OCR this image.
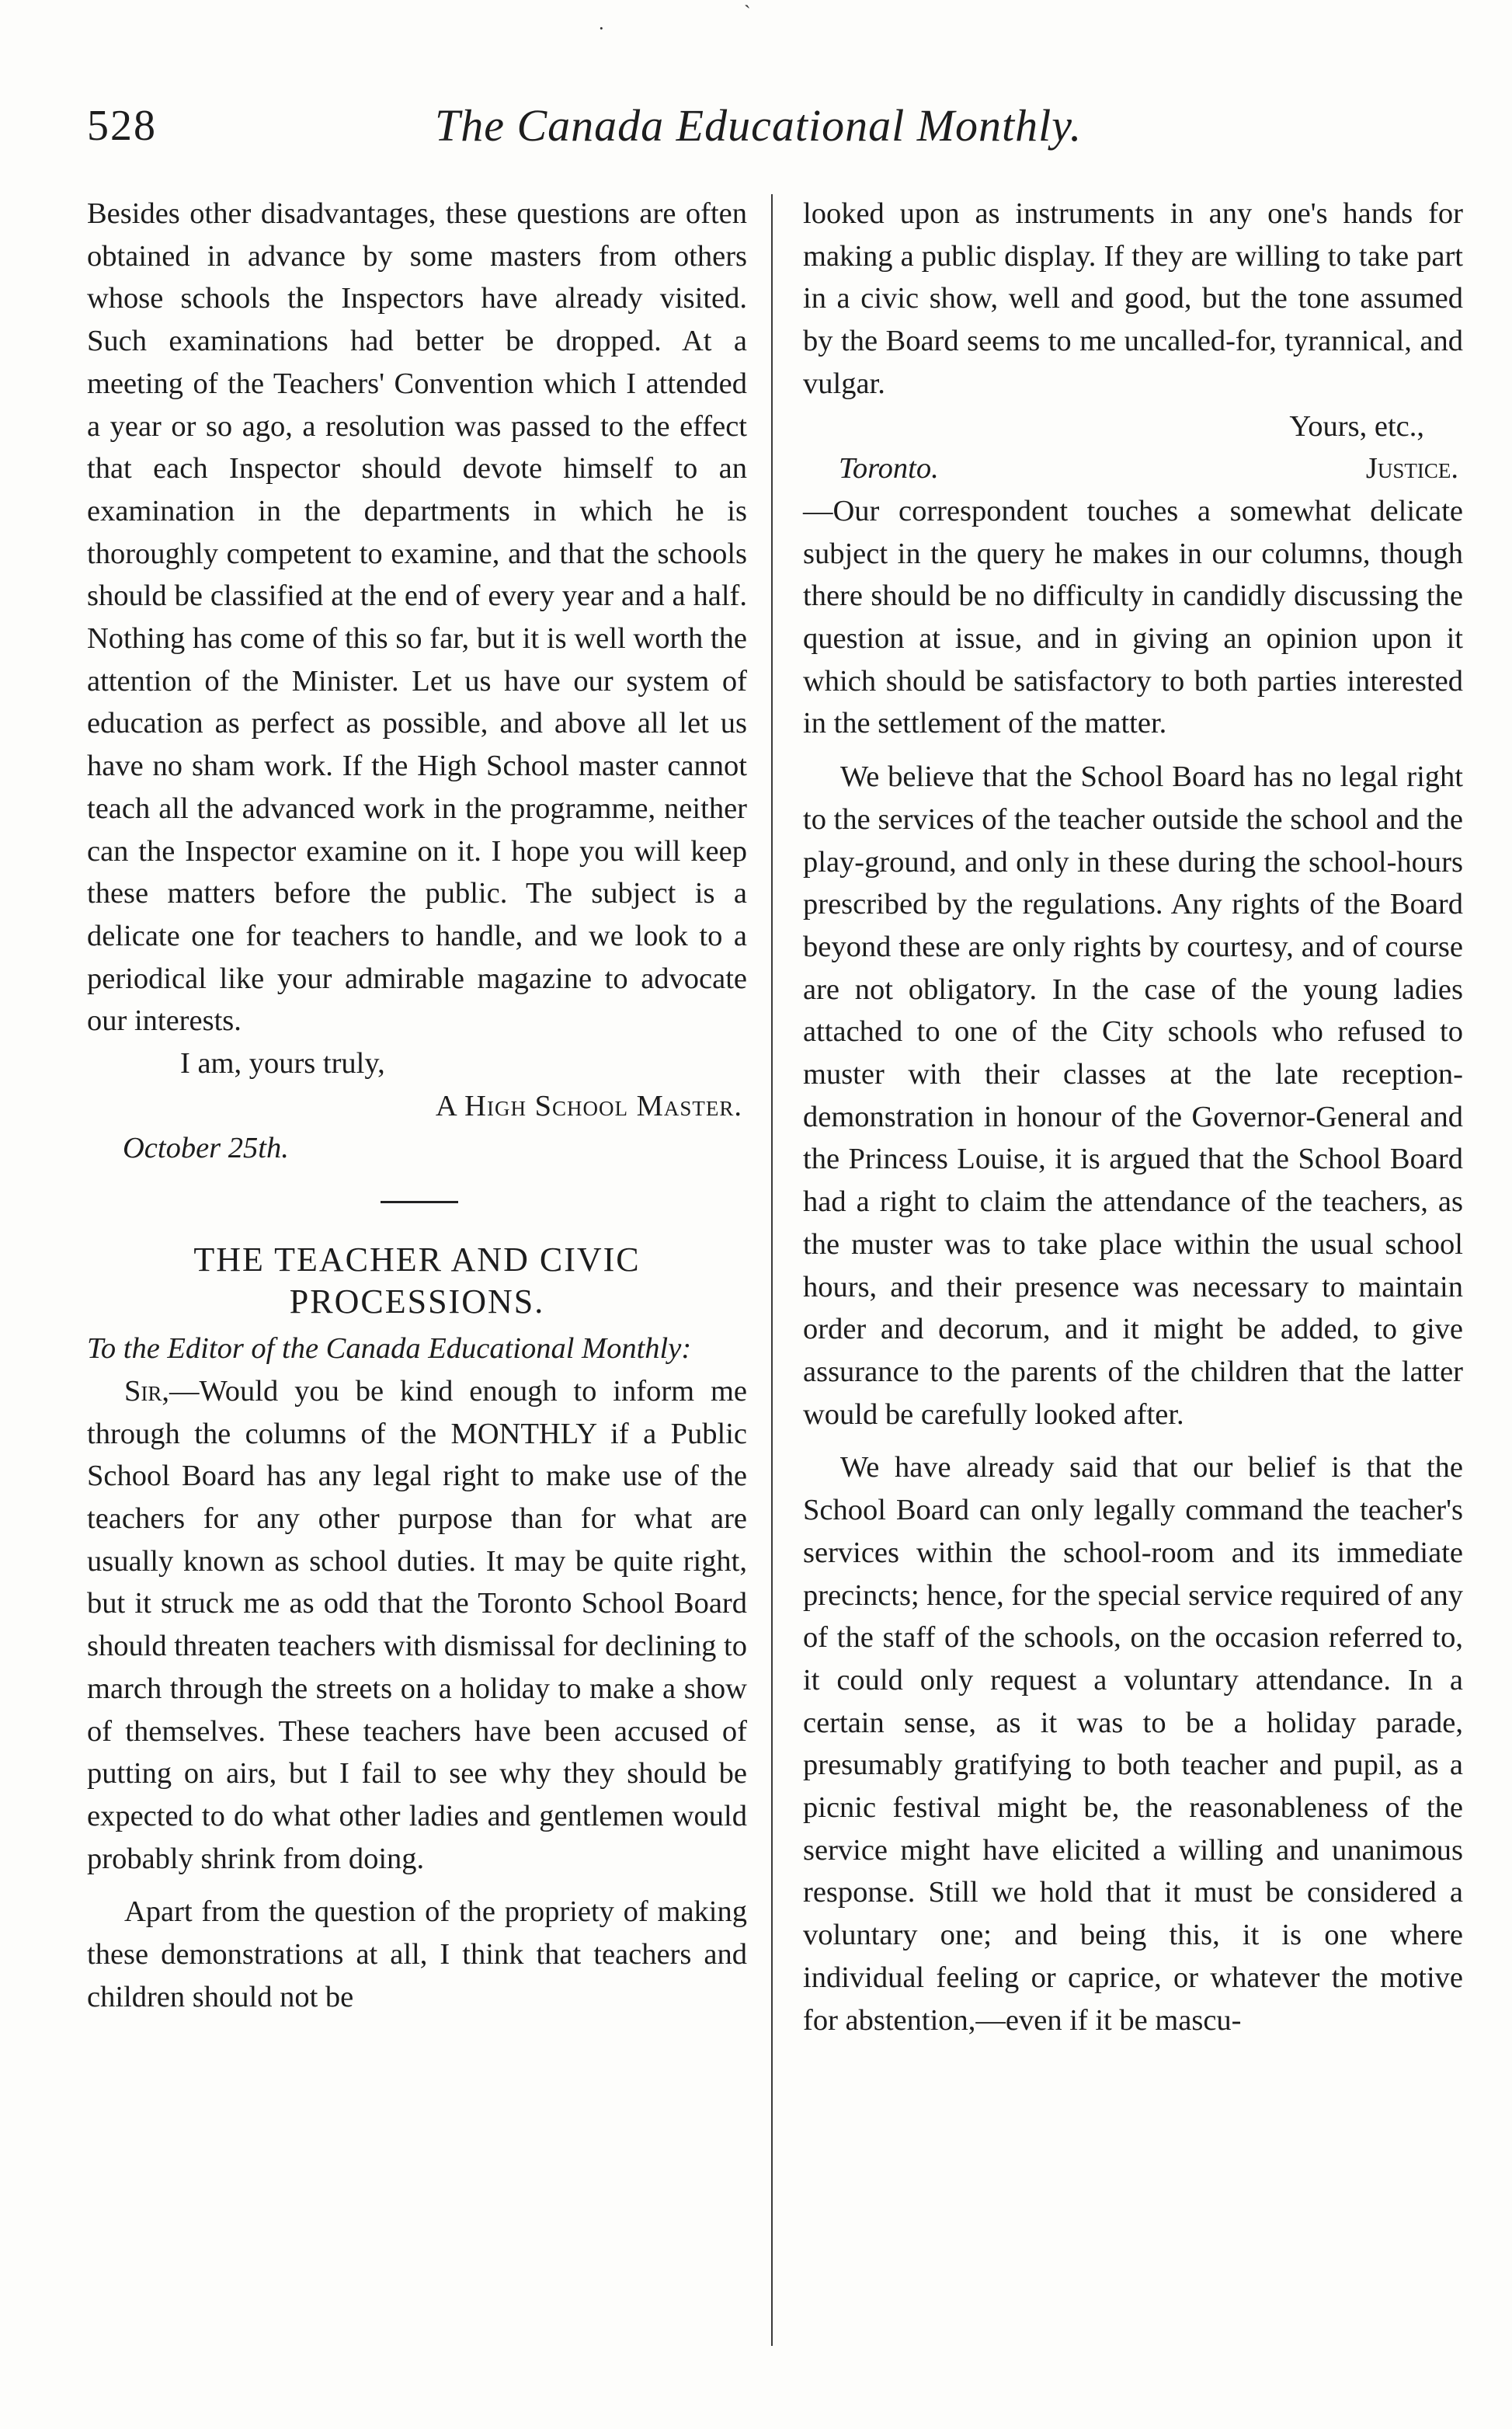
·
`
528	The Canada Educational Monthly.

Besides other disadvantages, these questions are often obtained in advance by some masters from others whose schools the Inspectors have already visited. Such examinations had better be dropped. At a meeting of the Teachers' Convention which I attended a year or so ago, a resolution was passed to the effect that each Inspector should devote himself to an examination in the departments in which he is thoroughly competent to examine, and that the schools should be classified at the end of every year and a half. Nothing has come of this so far, but it is well worth the attention of the Minister. Let us have our system of education as perfect as possible, and above all let us have no sham work. If the High School master cannot teach all the advanced work in the programme, neither can the Inspector examine on it. I hope you will keep these matters before the public. The subject is a delicate one for teachers to handle, and we look to a periodical like your admirable magazine to advocate our interests.

I am, yours truly,

A High School Master.

October 25th.

THE TEACHER AND CIVIC PROCESSIONS.

To the Editor of the Canada Educational Monthly:

Sir,—Would you be kind enough to inform me through the columns of the MONTHLY if a Public School Board has any legal right to make use of the teachers for any other purpose than for what are usually known as school duties. It may be quite right, but it struck me as odd that the Toronto School Board should threaten teachers with dismissal for declining to march through the streets on a holiday to make a show of themselves. These teachers have been accused of putting on airs, but I fail to see why they should be expected to do what other ladies and gentlemen would probably shrink from doing.

Apart from the question of the propriety of making these demonstrations at all, I think that teachers and children should not be

looked upon as instruments in any one's hands for making a public display. If they are willing to take part in a civic show, well and good, but the tone assumed by the Board seems to me uncalled-for, tyrannical, and vulgar.

Yours, etc.,

Toronto.	Justice.

—Our correspondent touches a somewhat delicate subject in the query he makes in our columns, though there should be no difficulty in candidly discussing the question at issue, and in giving an opinion upon it which should be satisfactory to both parties interested in the settlement of the matter.

We believe that the School Board has no legal right to the services of the teacher outside the school and the play-ground, and only in these during the school-hours prescribed by the regulations. Any rights of the Board beyond these are only rights by courtesy, and of course are not obligatory. In the case of the young ladies attached to one of the City schools who refused to muster with their classes at the late reception-demonstration in honour of the Governor-General and the Princess Louise, it is argued that the School Board had a right to claim the attendance of the teachers, as the muster was to take place within the usual school hours, and their presence was necessary to maintain order and decorum, and it might be added, to give assurance to the parents of the children that the latter would be carefully looked after.

We have already said that our belief is that the School Board can only legally command the teacher's services within the school-room and its immediate precincts; hence, for the special service required of any of the staff of the schools, on the occasion referred to, it could only request a voluntary attendance. In a certain sense, as it was to be a holiday parade, presumably gratifying to both teacher and pupil, as a picnic festival might be, the reasonableness of the service might have elicited a willing and unanimous response. Still we hold that it must be considered a voluntary one; and being this, it is one where individual feeling or caprice, or whatever the motive for abstention,—even if it be mascu-
